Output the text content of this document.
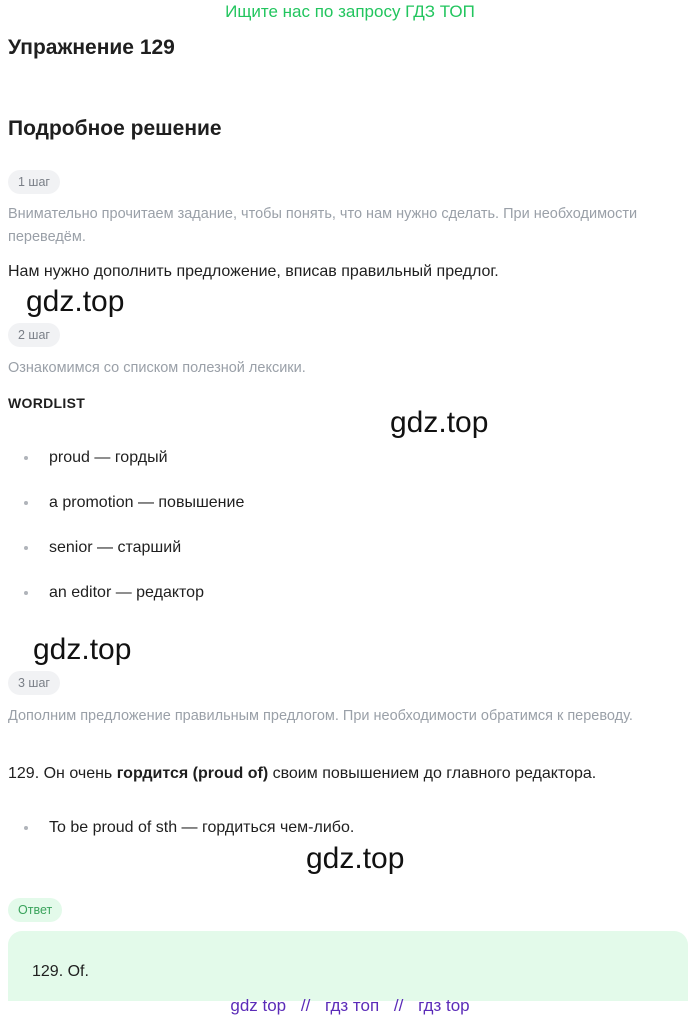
Ищите нас по запросу ГДЗ ТОП
Упражнение 129
Подробное решение
1 шаг
Внимательно прочитаем задание, чтобы понять, что нам нужно сделать. При необходимости переведём.
Нам нужно дополнить предложение, вписав правильный предлог.
gdz.top
2 шаг
Ознакомимся со списком полезной лексики.
WORDLIST
gdz.top
proud — гордый
a promotion — повышение
senior — старший
an editor — редактор
gdz.top
3 шаг
Дополним предложение правильным предлогом. При необходимости обратимся к переводу.
129. Он очень гордится (proud of) своим повышением до главного редактора.
To be proud of sth — гордиться чем-либо.
gdz.top
Ответ
129. Of.
gdz top // гдз топ // гдз top
